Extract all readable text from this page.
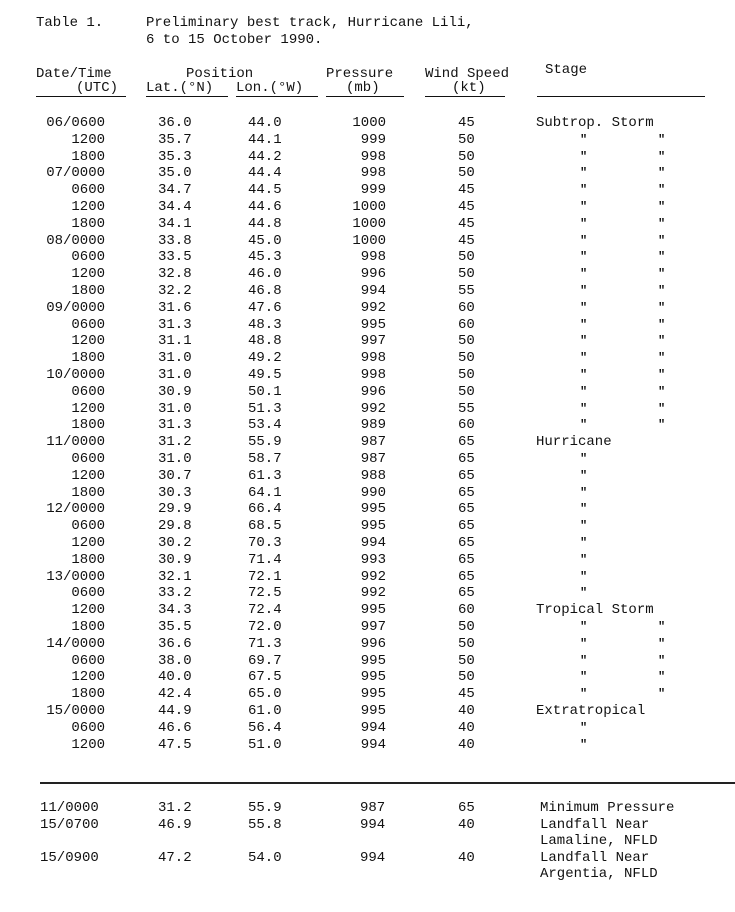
Table 1.	Preliminary best track, Hurricane Lili,
6 to 15 October 1990.
Date/Time
(UTC)
Position
Lat.(°N) Lon.(°W)
Pressure
(mb)
Wind Speed
(kt)
Stage
06/0600	36.0	44.0	1000	45	Subtrop. Storm
1200	35.7	44.1	999	50	"	"
1800	35.3	44.2	998	50	"	"
07/0000	35.0	44.4	998	50	"	"
0600	34.7	44.5	999	45	"	"
1200	34.4	44.6	1000	45	"	"
1800	34.1	44.8	1000	45	"	"
08/0000	33.8	45.0	1000	45	"	"
0600	33.5	45.3	998	50	"	"
1200	32.8	46.0	996	50	"	"
1800	32.2	46.8	994	55	"	"
09/0000	31.6	47.6	992	60	"	"
0600	31.3	48.3	995	60	"	"
1200	31.1	48.8	997	50	"	"
1800	31.0	49.2	998	50	"	"
10/0000	31.0	49.5	998	50	"	"
0600	30.9	50.1	996	50	"	"
1200	31.0	51.3	992	55	"	"
1800	31.3	53.4	989	60	"	"
11/0000	31.2	55.9	987	65	Hurricane
0600	31.0	58.7	987	65	"
1200	30.7	61.3	988	65	"
1800	30.3	64.1	990	65	"
12/0000	29.9	66.4	995	65	"
0600	29.8	68.5	995	65	"
1200	30.2	70.3	994	65	"
1800	30.9	71.4	993	65	"
13/0000	32.1	72.1	992	65	"
0600	33.2	72.5	992	65	"
1200	34.3	72.4	995	60	Tropical Storm
1800	35.5	72.0	997	50	"	"
14/0000	36.6	71.3	996	50	"	"
0600	38.0	69.7	995	50	"	"
1200	40.0	67.5	995	50	"	"
1800	42.4	65.0	995	45	"	"
15/0000	44.9	61.0	995	40	Extratropical
0600	46.6	56.4	994	40	"
1200	47.5	51.0	994	40	"
11/0000	31.2	55.9	987	65	Minimum Pressure
15/0700	46.9	55.8	994	40	Landfall Near
Lamaline, NFLD
15/0900	47.2	54.0	994	40	Landfall Near
Argentia, NFLD
